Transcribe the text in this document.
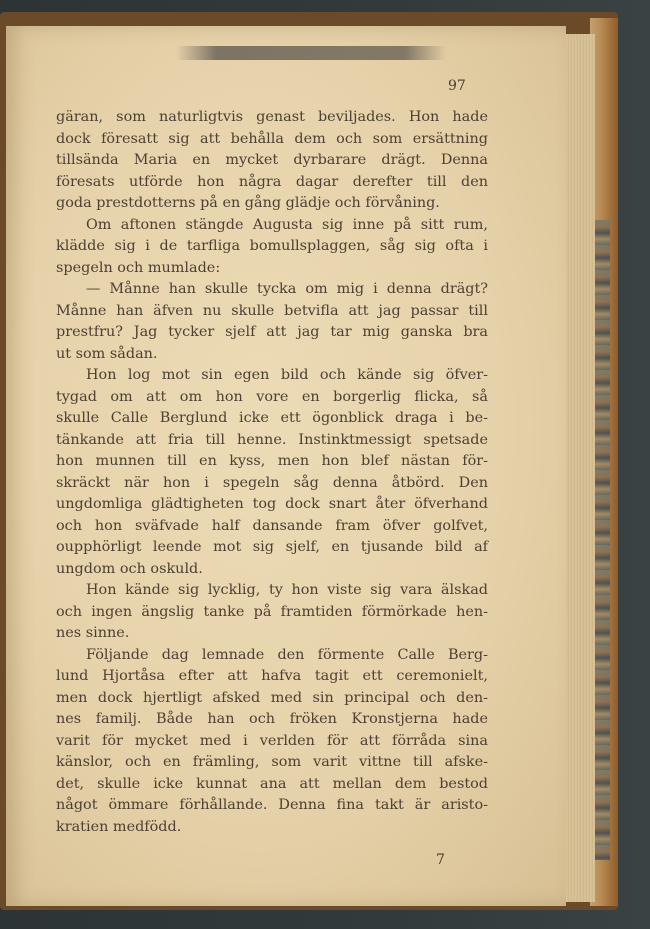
97
gäran, som naturligtvis genast beviljades. Hon hade
dock föresatt sig att behålla dem och som ersättning
tillsända Maria en mycket dyrbarare drägt. Denna
föresats utförde hon några dagar derefter till den
goda prestdotterns på en gång glädje och förvåning.
Om aftonen stängde Augusta sig inne på sitt rum,
klädde sig i de tarfliga bomullsplaggen, såg sig ofta i
spegeln och mumlade:
— Månne han skulle tycka om mig i denna drägt?
Månne han äfven nu skulle betvifla att jag passar till
prestfru? Jag tycker sjelf att jag tar mig ganska bra
ut som sådan.
Hon log mot sin egen bild och kände sig öfver-
tygad om att om hon vore en borgerlig flicka, så
skulle Calle Berglund icke ett ögonblick draga i be-
tänkande att fria till henne. Instinktmessigt spetsade
hon munnen till en kyss, men hon blef nästan för-
skräckt när hon i spegeln såg denna åtbörd. Den
ungdomliga glädtigheten tog dock snart åter öfverhand
och hon sväfvade half dansande fram öfver golfvet,
oupphörligt leende mot sig sjelf, en tjusande bild af
ungdom och oskuld.
Hon kände sig lycklig, ty hon viste sig vara älskad
och ingen ängslig tanke på framtiden förmörkade hen-
nes sinne.
Följande dag lemnade den förmente Calle Berg-
lund Hjortåsa efter att hafva tagit ett ceremonielt,
men dock hjertligt afsked med sin principal och den-
nes familj. Både han och fröken Kronstjerna hade
varit för mycket med i verlden för att förråda sina
känslor, och en främling, som varit vittne till afske-
det, skulle icke kunnat ana att mellan dem bestod
något ömmare förhållande. Denna fina takt är aristo-
kratien medfödd.
7
